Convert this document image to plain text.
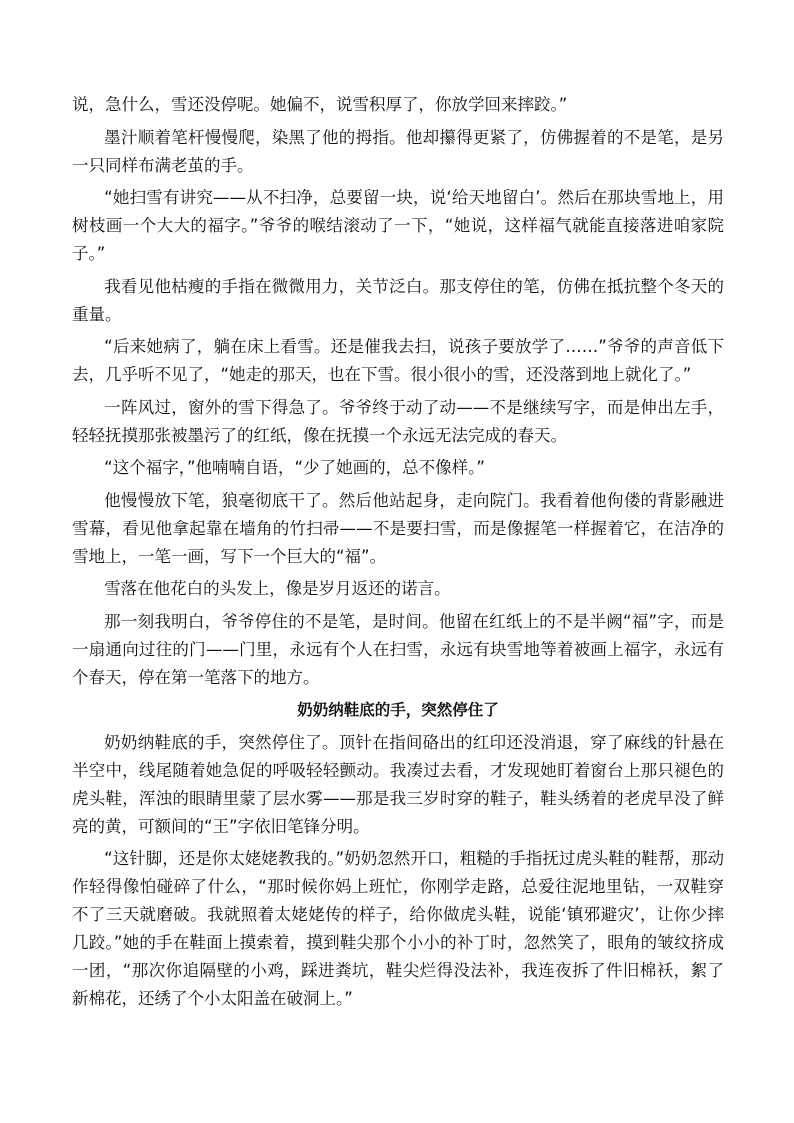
说，急什么，雪还没停呢。她偏不，说雪积厚了，你放学回来摔跤。”

墨汁顺着笔杆慢慢爬，染黑了他的拇指。他却攥得更紧了，仿佛握着的不是笔，是另一只同样布满老茧的手。

“她扫雪有讲究——从不扫净，总要留一块，说‘给天地留白’。然后在那块雪地上，用树枝画一个大大的福字。”爷爷的喉结滚动了一下，“她说，这样福气就能直接落进咱家院子。”

我看见他枯瘦的手指在微微用力，关节泛白。那支停住的笔，仿佛在抵抗整个冬天的重量。

“后来她病了，躺在床上看雪。还是催我去扫，说孩子要放学了……”爷爷的声音低下去，几乎听不见了，“她走的那天，也在下雪。很小很小的雪，还没落到地上就化了。”

一阵风过，窗外的雪下得急了。爷爷终于动了动——不是继续写字，而是伸出左手，轻轻抚摸那张被墨污了的红纸，像在抚摸一个永远无法完成的春天。

“这个福字，”他喃喃自语，“少了她画的，总不像样。”

他慢慢放下笔，狼毫彻底干了。然后他站起身，走向院门。我看着他佝偻的背影融进雪幕，看见他拿起靠在墙角的竹扫帚——不是要扫雪，而是像握笔一样握着它，在洁净的雪地上，一笔一画，写下一个巨大的“福”。

雪落在他花白的头发上，像是岁月返还的诺言。

那一刻我明白，爷爷停住的不是笔，是时间。他留在红纸上的不是半阙“福”字，而是一扇通向过往的门——门里，永远有个人在扫雪，永远有块雪地等着被画上福字，永远有个春天，停在第一笔落下的地方。

奶奶纳鞋底的手，突然停住了

奶奶纳鞋底的手，突然停住了。顶针在指间硌出的红印还没消退，穿了麻线的针悬在半空中，线尾随着她急促的呼吸轻轻颤动。我凑过去看，才发现她盯着窗台上那只褪色的虎头鞋，浑浊的眼睛里蒙了层水雾——那是我三岁时穿的鞋子，鞋头绣着的老虎早没了鲜亮的黄，可额间的“王”字依旧笔锋分明。

“这针脚，还是你太姥姥教我的。”奶奶忽然开口，粗糙的手指抚过虎头鞋的鞋帮，那动作轻得像怕碰碎了什么，“那时候你妈上班忙，你刚学走路，总爱往泥地里钻，一双鞋穿不了三天就磨破。我就照着太姥姥传的样子，给你做虎头鞋，说能‘镇邪避灾’，让你少摔几跤。”她的手在鞋面上摸索着，摸到鞋尖那个小小的补丁时，忽然笑了，眼角的皱纹挤成一团，“那次你追隔壁的小鸡，踩进粪坑，鞋尖烂得没法补，我连夜拆了件旧棉袄，絮了新棉花，还绣了个小太阳盖在破洞上。”
